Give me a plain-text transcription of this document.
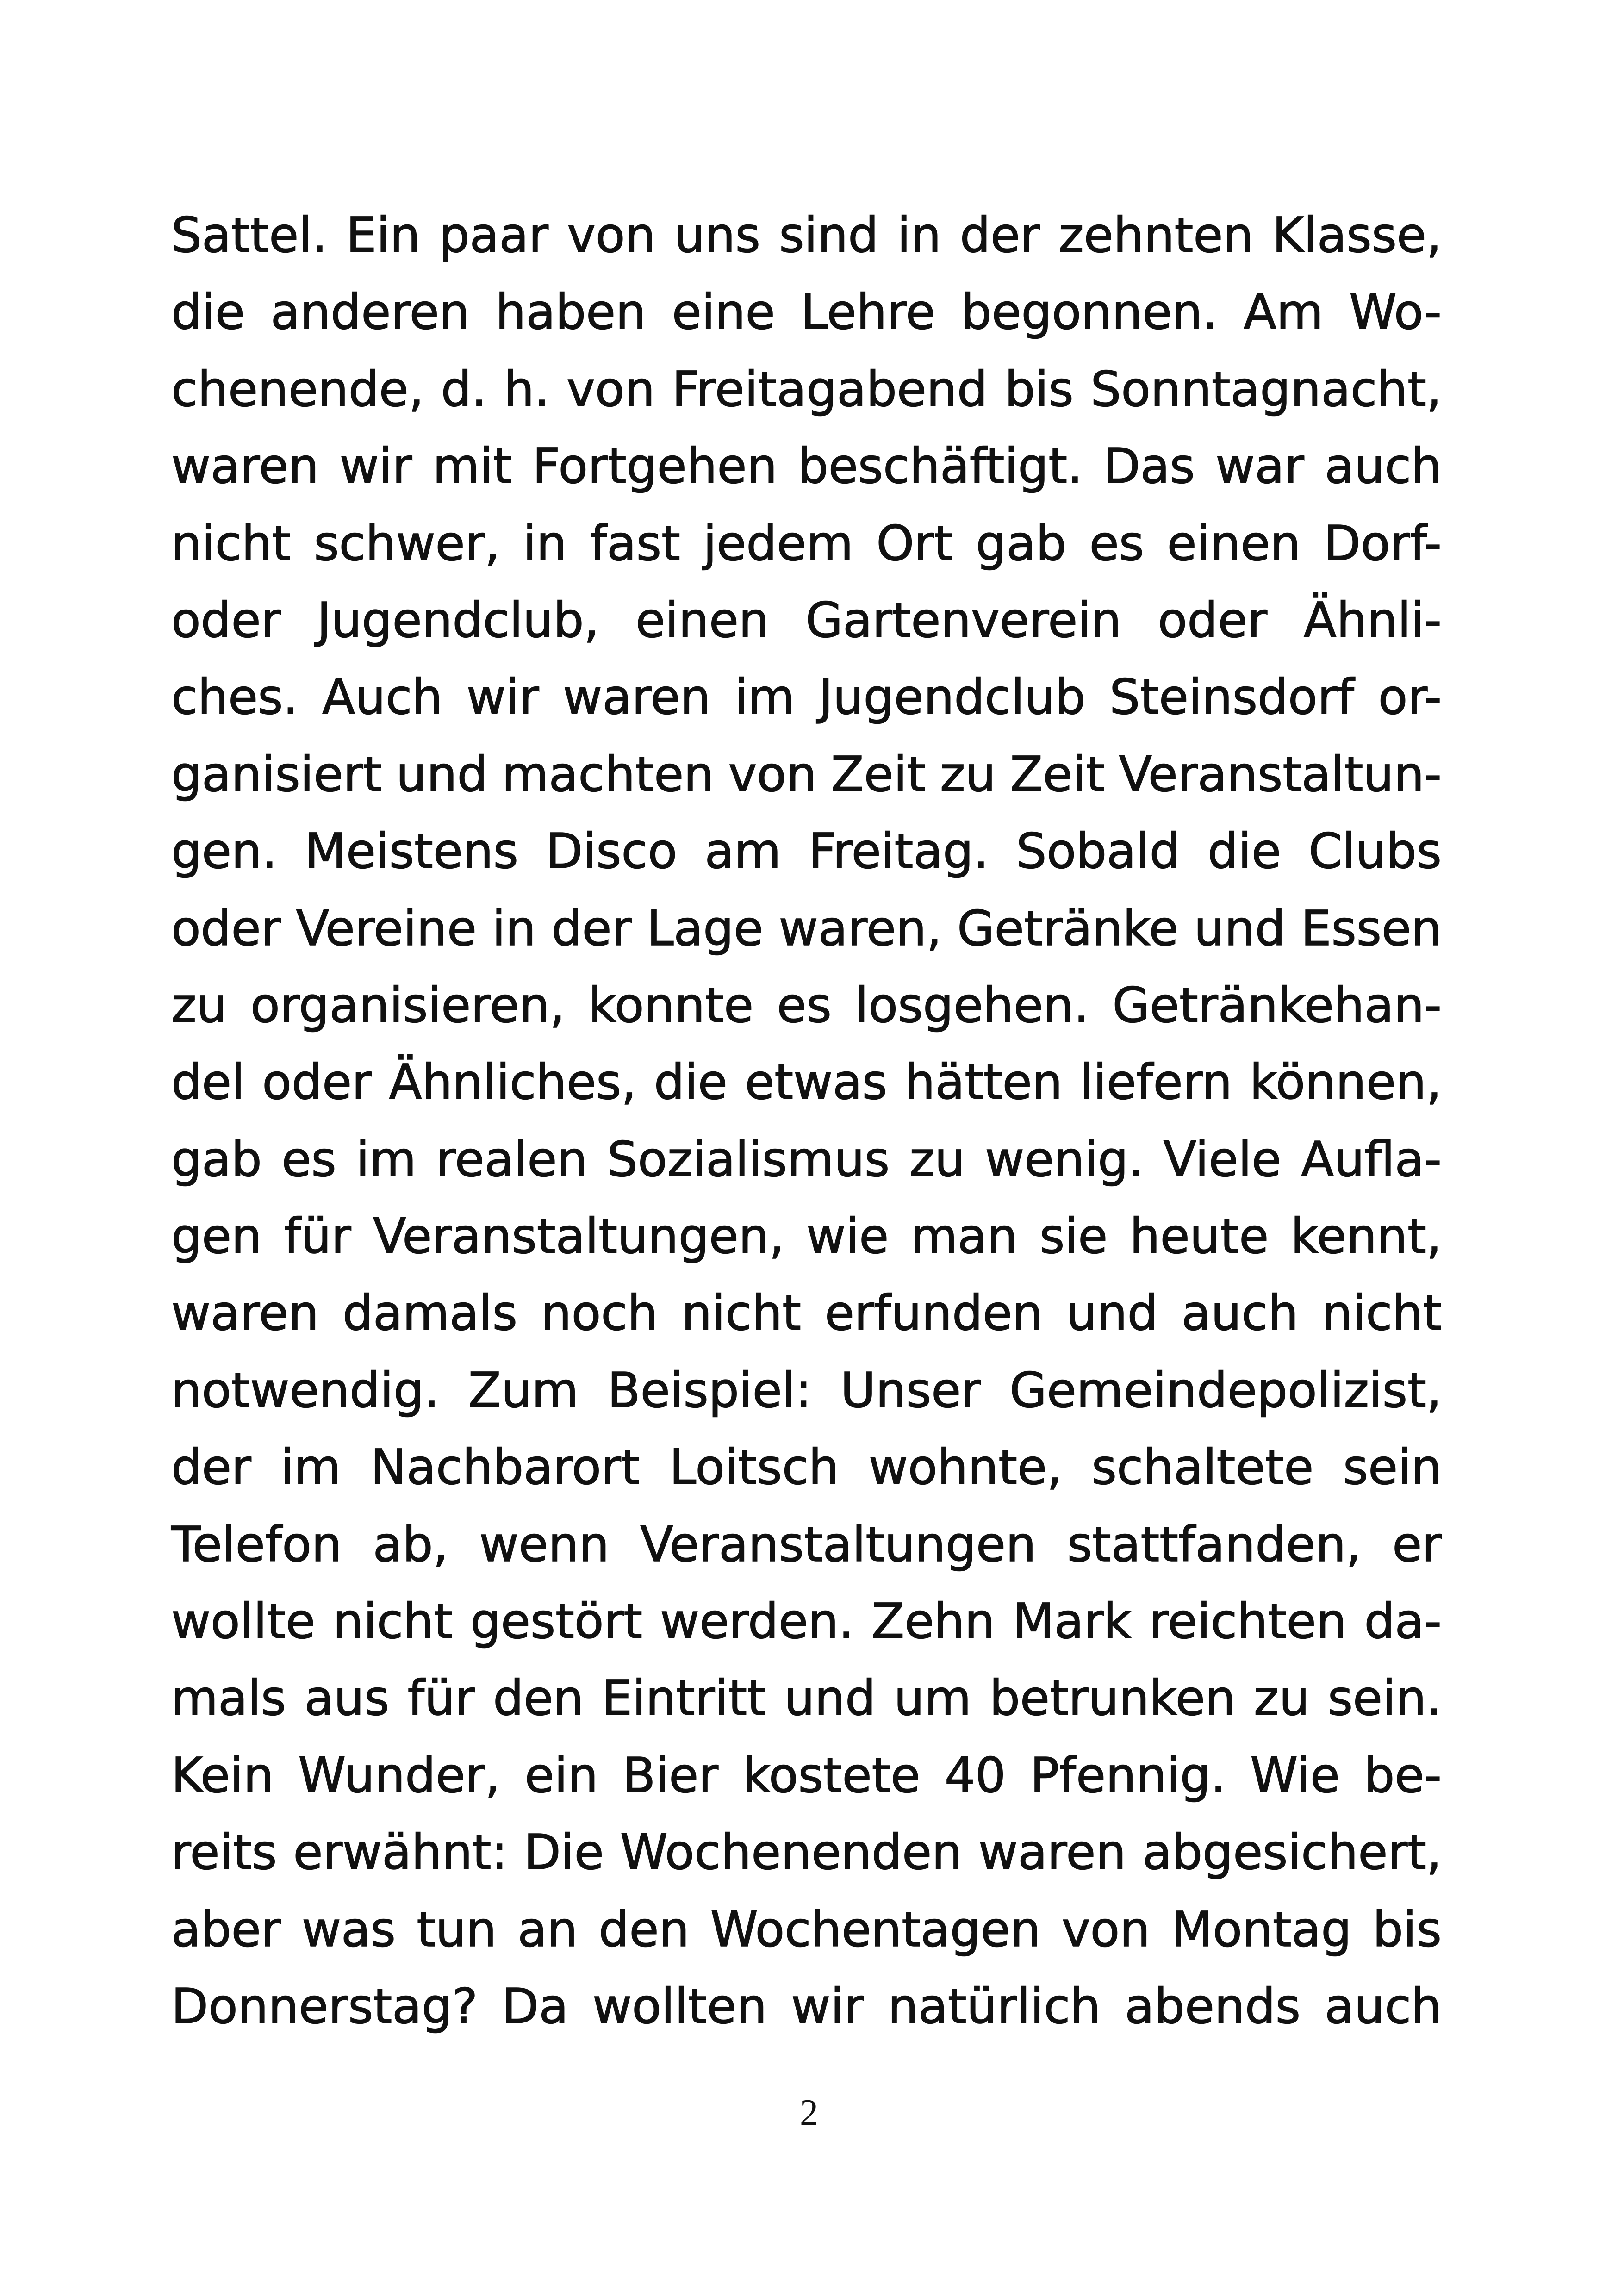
Sattel. Ein paar von uns sind in der zehnten Klasse,
die anderen haben eine Lehre begonnen. Am Wo-
chenende, d. h. von Freitagabend bis Sonntagnacht,
waren wir mit Fortgehen beschäftigt. Das war auch
nicht schwer, in fast jedem Ort gab es einen Dorf-
oder Jugendclub, einen Gartenverein oder Ähnli-
ches. Auch wir waren im Jugendclub Steinsdorf or-
ganisiert und machten von Zeit zu Zeit Veranstaltun-
gen. Meistens Disco am Freitag. Sobald die Clubs
oder Vereine in der Lage waren, Getränke und Essen
zu organisieren, konnte es losgehen. Getränkehan-
del oder Ähnliches, die etwas hätten liefern können,
gab es im realen Sozialismus zu wenig. Viele Aufla-
gen für Veranstaltungen, wie man sie heute kennt,
waren damals noch nicht erfunden und auch nicht
notwendig. Zum Beispiel: Unser Gemeindepolizist,
der im Nachbarort Loitsch wohnte, schaltete sein
Telefon ab, wenn Veranstaltungen stattfanden, er
wollte nicht gestört werden. Zehn Mark reichten da-
mals aus für den Eintritt und um betrunken zu sein.
Kein Wunder, ein Bier kostete 40 Pfennig. Wie be-
reits erwähnt: Die Wochenenden waren abgesichert,
aber was tun an den Wochentagen von Montag bis
Donnerstag? Da wollten wir natürlich abends auch
2
